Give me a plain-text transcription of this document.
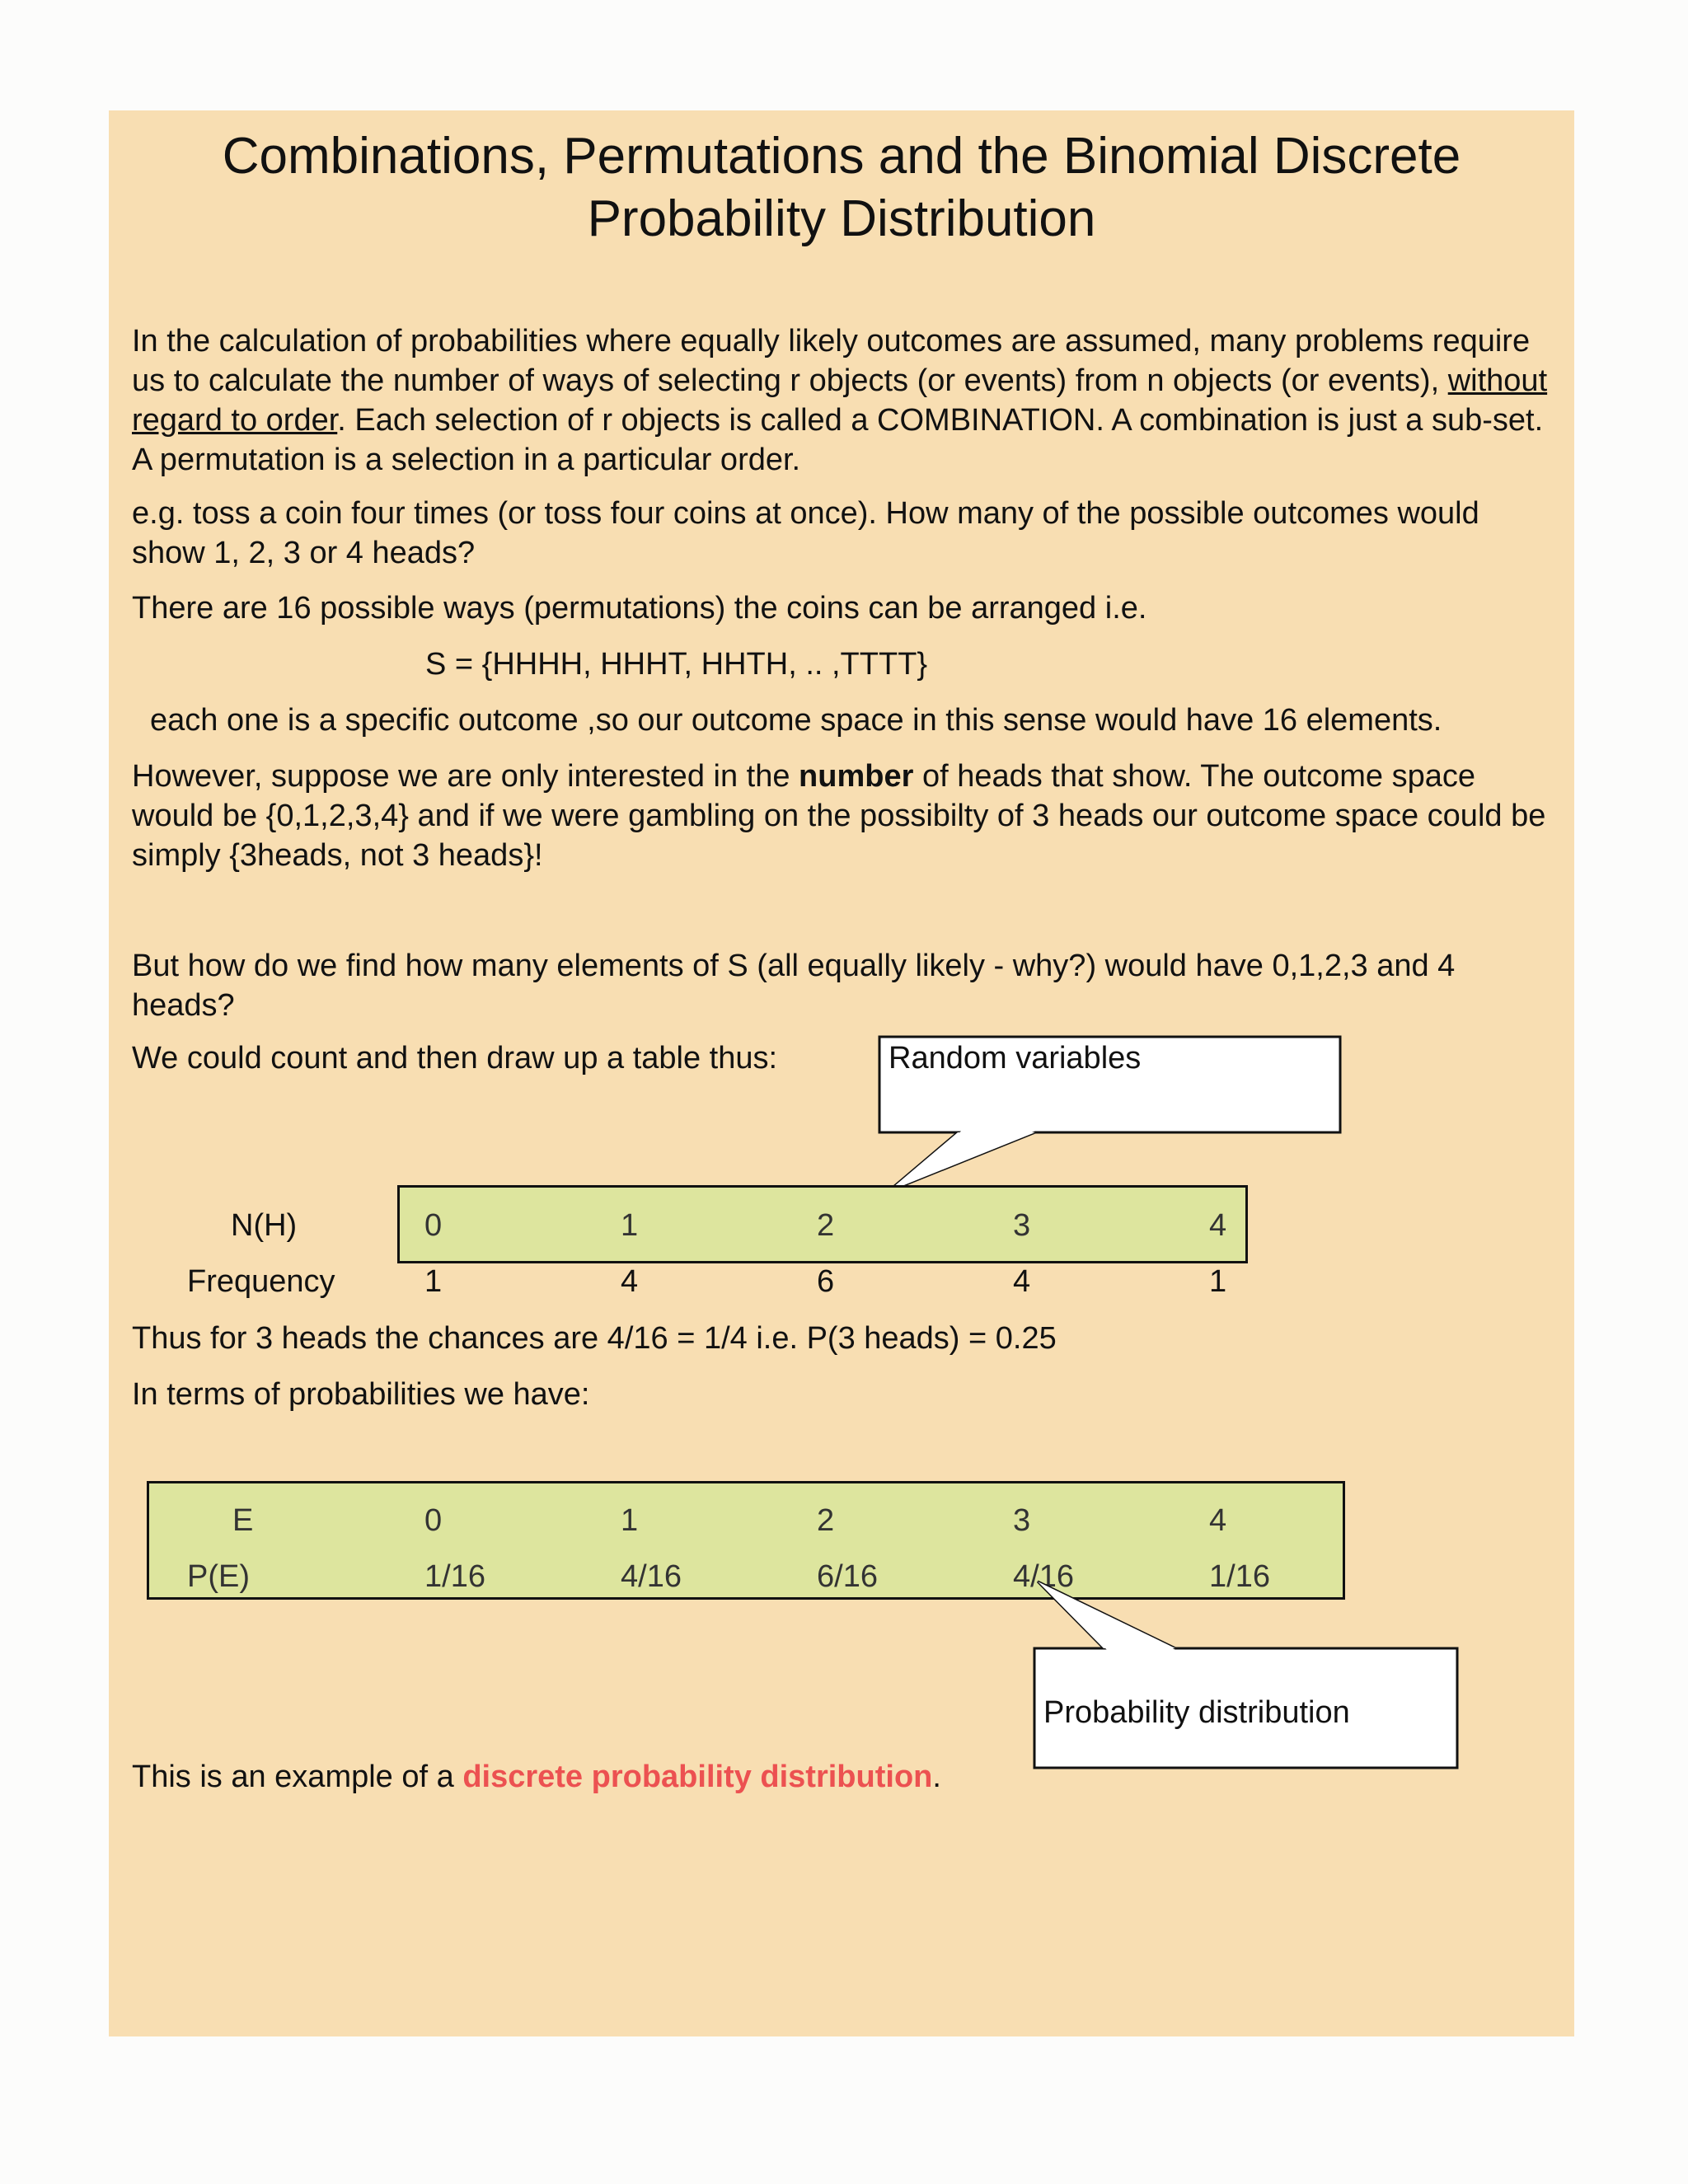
Combinations, Permutations and the Binomial Discrete
Probability Distribution

In the calculation of probabilities where equally likely outcomes are assumed, many problems require us to calculate the number of ways of selecting r objects (or events) from n objects (or events), without regard to order. Each selection of r objects is called a COMBINATION. A combination is just a sub-set. A permutation is a selection in a particular order.

e.g. toss a coin four times (or toss four coins at once). How many of the possible outcomes would show 1, 2, 3 or 4 heads?

There are 16 possible ways (permutations) the coins can be arranged i.e.

S = {HHHH, HHHT, HHTH, .. ,TTTT}

each one is a specific outcome ,so our outcome space in this sense would have 16 elements.

However, suppose we are only interested in the number of heads that show. The outcome space would be {0,1,2,3,4} and if we were gambling on the possibilty of 3 heads our outcome space could be simply {3heads, not 3 heads}!

But how do we find how many elements of S (all equally likely - why?) would have 0,1,2,3 and 4 heads?

We could count and then draw up a table thus:	Random variables
N(H)	0	1	2	3	4
Frequency	1	4	6	4	1

Thus for 3 heads the chances are 4/16 = 1/4 i.e. P(3 heads) = 0.25

In terms of probabilities we have:

E	0	1	2	3	4
P(E)	1/16	4/16	6/16	4/16	1/16
Probability distribution

This is an example of a discrete probability distribution.
